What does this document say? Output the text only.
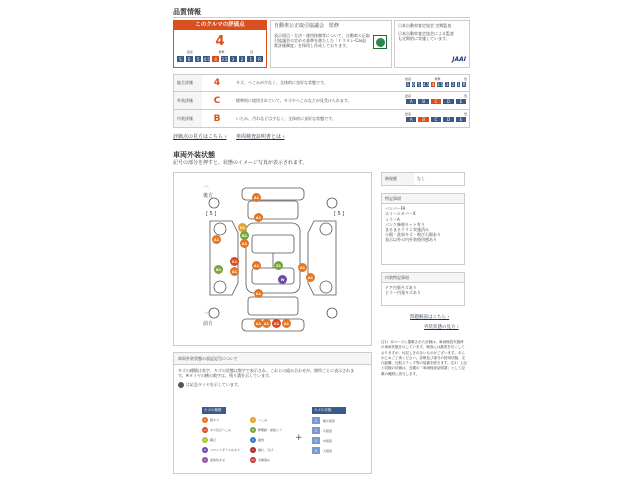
品質情報
このクルマの評価点
4
最高	標準	低
S	6	5	4.5	4	3.5	3	2	1	R
自動車公正取引協議会　監修
表示項目・方法・運用体制等について、自動車公正取引協議会の定める基準を満たした「ｔラタレ-Car品質評価制度」を採用し作成しております。
日本自動車査定協会 定期監査
日本自動車査定協会による監査も定期的に実施しています。
JAAI
総合評価	4	キズ、へこみが少なく、全体的に良好な状態です。
最高	標準	低
S 6 5 4.5 4 3.5 3 2 1 R
外装評価	C	標準的に使用されていて、キズやへこみなどが見受けられます。
最高	低
A	B	C	D	E
内装評価	B	いたみ、汚れなどは少なく、全体的に良好な状態です。
最高	低
A	B	C	D	E
評価点の見方はこちら › 車両検査証明書とは ›
車両外装状態
記号の部分を押すと、状態のイメージ写真が表示されます。
後方
前方
︿
﹀
[ 5 ]	[ 5 ]
A1
A1
U1
B1
A1
A1
X1
A1	S1	A1
B1	A1
W	A1
A1
A1 A1	X1	A1
修復歴	なし
特記事項
バンパーFA
ホイールカバーX
ミラーA
パンク修理キット有り
まるまるクリン実施済み
小傷・洗車キズ・飛び石傷あり
表示以外の内外装使用感あり
内装特記事項
ドア内張キズあり
ピラー内張キズあり
問題解説はこちら ›
外装状態の見方 ›
注1）本ページに掲載された評価は、車両検査実施時の車両状態を示しています。検査には最善を尽くしておりますが、付記しきれないものがございます。あらかじめご了承ください。診断及び部分の使用状態、走行距離、比較ステップ等の装備を除きます。注2）上記と同様の評価は、近畿の「車両検査証明書」として記載の範囲に該当します。
車両外装状態の表記記号について
キズの種類は英字、キズの状態は数字で表示され、これらの組み合わせが、箇所ごとに表示されます。※タイヤの横の数字は、残り溝を示しています。
は応急タイヤを示しています。
キズの種類
A	線キズ	U	へこみ
AU	キズ及びへこみ	B	修理跡・塗装ムラ
S	錆び	C	腐食
W	フロントガラスのキズ	X	割れ、欠け
P	塗装色あせ	XX	交換済み
+
キズの状態
1	極小程度
2	小程度
3	中程度
4	大程度
